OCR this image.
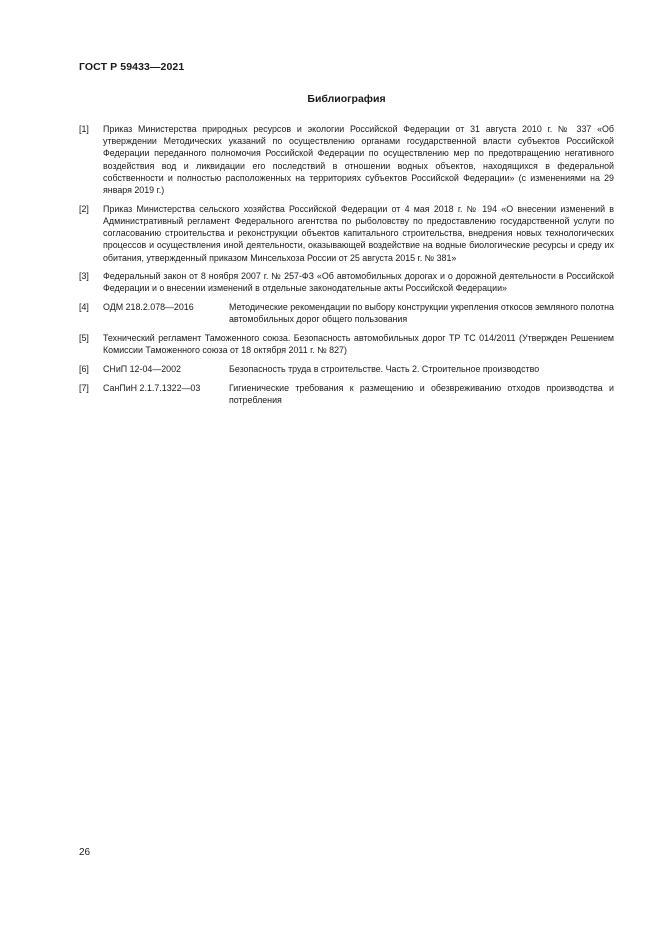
ГОСТ Р 59433—2021
Библиография
[1] Приказ Министерства природных ресурсов и экологии Российской Федерации от 31 августа 2010 г. № 337 «Об утверждении Методических указаний по осуществлению органами государственной власти субъектов Российской Федерации переданного полномочия Российской Федерации по осуществлению мер по предотвращению негативного воздействия вод и ликвидации его последствий в отношении водных объектов, находящихся в федеральной собственности и полностью расположенных на территориях субъектов Российской Федерации» (с изменениями на 29 января 2019 г.)
[2] Приказ Министерства сельского хозяйства Российской Федерации от 4 мая 2018 г. № 194 «О внесении изменений в Административный регламент Федерального агентства по рыболовству по предоставлению государственной услуги по согласованию строительства и реконструкции объектов капитального строительства, внедрения новых технологических процессов и осуществления иной деятельности, оказывающей воздействие на водные биологические ресурсы и среду их обитания, утвержденный приказом Минсельхоза России от 25 августа 2015 г. № 381»
[3] Федеральный закон от 8 ноября 2007 г. № 257-ФЗ «Об автомобильных дорогах и о дорожной деятельности в Российской Федерации и о внесении изменений в отдельные законодательные акты Российской Федерации»
[4] ОДМ 218.2.078—2016	Методические рекомендации по выбору конструкции укрепления откосов земляного полотна автомобильных дорог общего пользования
[5] Технический регламент Таможенного союза. Безопасность автомобильных дорог ТР ТС 014/2011 (Утвержден Решением Комиссии Таможенного союза от 18 октября 2011 г. № 827)
[6] СНиП 12-04—2002	Безопасность труда в строительстве. Часть 2. Строительное производство
[7] СанПиН 2.1.7.1322—03	Гигиенические требования к размещению и обезвреживанию отходов производства и потребления
26
